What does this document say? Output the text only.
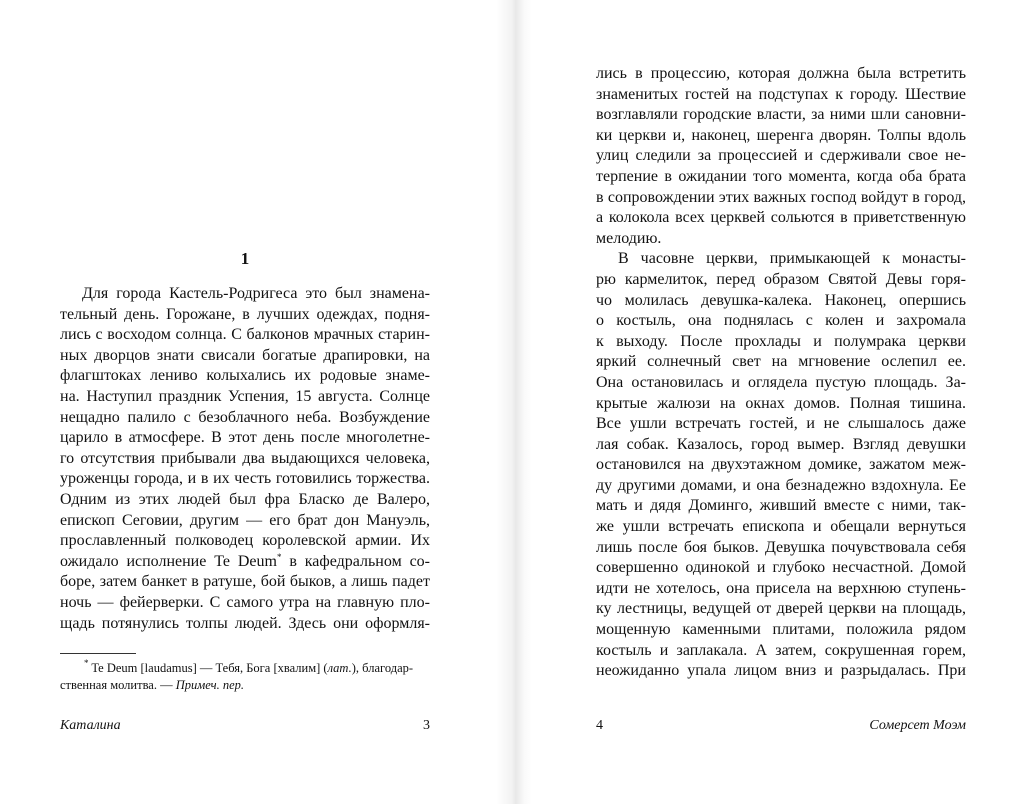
1
Для города Кастель-Родригеса это был знамена-
тельный день. Горожане, в лучших одеждах, подня-
лись с восходом солнца. С балконов мрачных старин-
ных дворцов знати свисали богатые драпировки, на
флагштоках лениво колыхались их родовые знаме-
на. Наступил праздник Успения, 15 августа. Солнце
нещадно палило с безоблачного неба. Возбуждение
царило в атмосфере. В этот день после многолетне-
го отсутствия прибывали два выдающихся человека,
уроженцы города, и в их честь готовились торжества.
Одним из этих людей был фра Бласко де Валеро,
епископ Сеговии, другим — его брат дон Мануэль,
прославленный полководец королевской армии. Их
ожидало исполнение Te Deum* в кафедральном со-
боре, затем банкет в ратуше, бой быков, а лишь падет
ночь — фейерверки. С самого утра на главную пло-
щадь потянулись толпы людей. Здесь они оформля-
* Te Deum [laudamus] — Тебя, Бога [хвалим] (лат.), благодар-
ственная молитва. — Примеч. пер.
Каталина	3
лись в процессию, которая должна была встретить
знаменитых гостей на подступах к городу. Шествие
возглавляли городские власти, за ними шли сановни-
ки церкви и, наконец, шеренга дворян. Толпы вдоль
улиц следили за процессией и сдерживали свое не-
терпение в ожидании того момента, когда оба брата
в сопровождении этих важных господ войдут в город,
а колокола всех церквей сольются в приветственную
мелодию.
В часовне церкви, примыкающей к монасты-
рю кармелиток, перед образом Святой Девы горя-
чо молилась девушка-калека. Наконец, опершись
о костыль, она поднялась с колен и захромала
к выходу. После прохлады и полумрака церкви
яркий солнечный свет на мгновение ослепил ее.
Она остановилась и оглядела пустую площадь. За-
крытые жалюзи на окнах домов. Полная тишина.
Все ушли встречать гостей, и не слышалось даже
лая собак. Казалось, город вымер. Взгляд девушки
остановился на двухэтажном домике, зажатом меж-
ду другими домами, и она безнадежно вздохнула. Ее
мать и дядя Доминго, живший вместе с ними, так-
же ушли встречать епископа и обещали вернуться
лишь после боя быков. Девушка почувствовала себя
совершенно одинокой и глубоко несчастной. Домой
идти не хотелось, она присела на верхнюю ступень-
ку лестницы, ведущей от дверей церкви на площадь,
мощенную каменными плитами, положила рядом
костыль и заплакала. А затем, сокрушенная горем,
неожиданно упала лицом вниз и разрыдалась. При
4	Сомерсет Моэм
